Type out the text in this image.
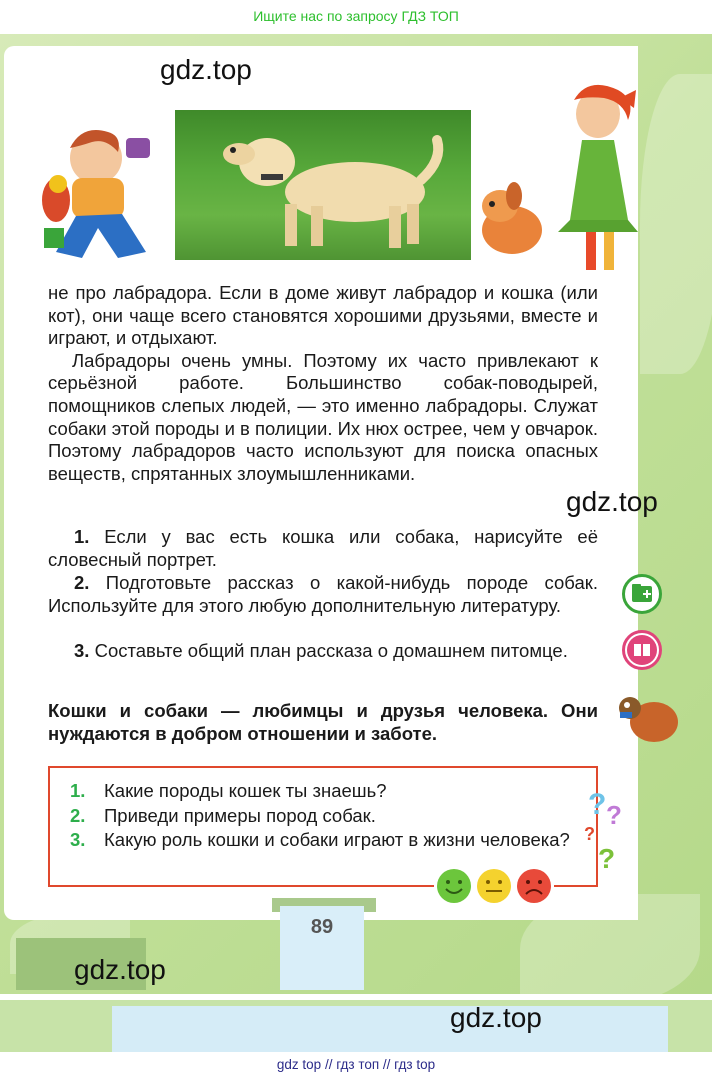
Ищите нас по запросу ГДЗ ТОП
gdz.top

не про лабрадора. Если в доме живут лабрадор и кошка (или кот), они чаще всего становятся хорошими друзьями, вместе и играют, и отдыхают.

Лабрадоры очень умны. Поэтому их часто привлекают к серьёзной работе. Большинство собак-поводырей, помощников слепых людей, — это именно лабрадоры. Служат собаки этой породы и в полиции. Их нюх острее, чем у овчарок. Поэтому лабрадоров часто используют для поиска опасных веществ, спрятанных злоумышленниками.

gdz.top
1. Если у вас есть кошка или собака, нарисуйте её словесный портрет.
2. Подготовьте рассказ о какой-нибудь породе собак. Используйте для этого любую дополнительную литературу.
3. Составьте общий план рассказа о домашнем питомце.
Кошки и собаки — любимцы и друзья человека. Они нуждаются в добром отношении и заботе.
1. Какие породы кошек ты знаешь?
2. Приведи примеры пород собак.
3. Какую роль кошки и собаки играют в жизни человека?
? ?
?
?
89
gdz.top
gdz.top
gdz top // гдз топ // гдз top
